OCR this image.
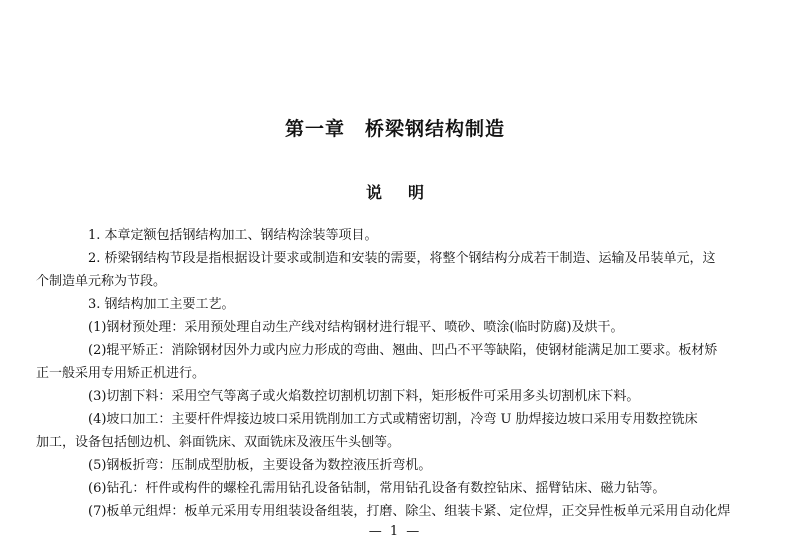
第一章　桥梁钢结构制造
说明

1. 本章定额包括钢结构加工、钢结构涂装等项目。

2. 桥梁钢结构节段是指根据设计要求或制造和安装的需要，将整个钢结构分成若干制造、运输及吊装单元，这

个制造单元称为节段。

3. 钢结构加工主要工艺。

(1)钢材预处理：采用预处理自动生产线对结构钢材进行辊平、喷砂、喷涂(临时防腐)及烘干。

(2)辊平矫正：消除钢材因外力或内应力形成的弯曲、翘曲、凹凸不平等缺陷，使钢材能满足加工要求。板材矫

正一般采用专用矫正机进行。

(3)切割下料：采用空气等离子或火焰数控切割机切割下料，矩形板件可采用多头切割机床下料。

(4)坡口加工：主要杆件焊接边坡口采用铣削加工方式或精密切割，冷弯 U 肋焊接边坡口采用专用数控铣床

加工，设备包括刨边机、斜面铣床、双面铣床及液压牛头刨等。

(5)钢板折弯：压制成型肋板，主要设备为数控液压折弯机。

(6)钻孔：杆件或构件的螺栓孔需用钻孔设备钻制，常用钻孔设备有数控钻床、摇臂钻床、磁力钻等。

(7)板单元组焊：板单元采用专用组装设备组装，打磨、除尘、组装卡紧、定位焊，正交异性板单元采用自动化焊

— 1 —
